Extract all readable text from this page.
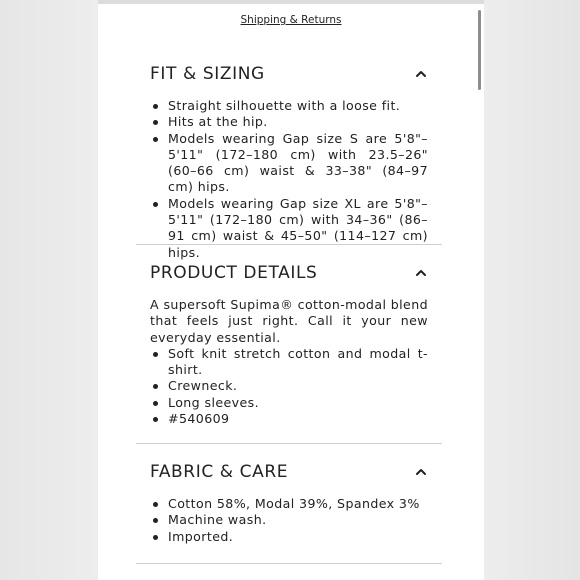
Shipping & Returns
FIT & SIZING
Straight silhouette with a loose fit.
Hits at the hip.
Models wearing Gap size S are 5'8"–5'11" (172–180 cm) with 23.5–26" (60–66 cm) waist & 33–38" (84–97 cm) hips.
Models wearing Gap size XL are 5'8"–5'11" (172–180 cm) with 34–36" (86–91 cm) waist & 45–50" (114–127 cm) hips.
PRODUCT DETAILS

A supersoft Supima® cotton-modal blend that feels just right. Call it your new everyday essential.

Soft knit stretch cotton and modal t-shirt.
Crewneck.
Long sleeves.
#540609
FABRIC & CARE
Cotton 58%, Modal 39%, Spandex 3%
Machine wash.
Imported.
